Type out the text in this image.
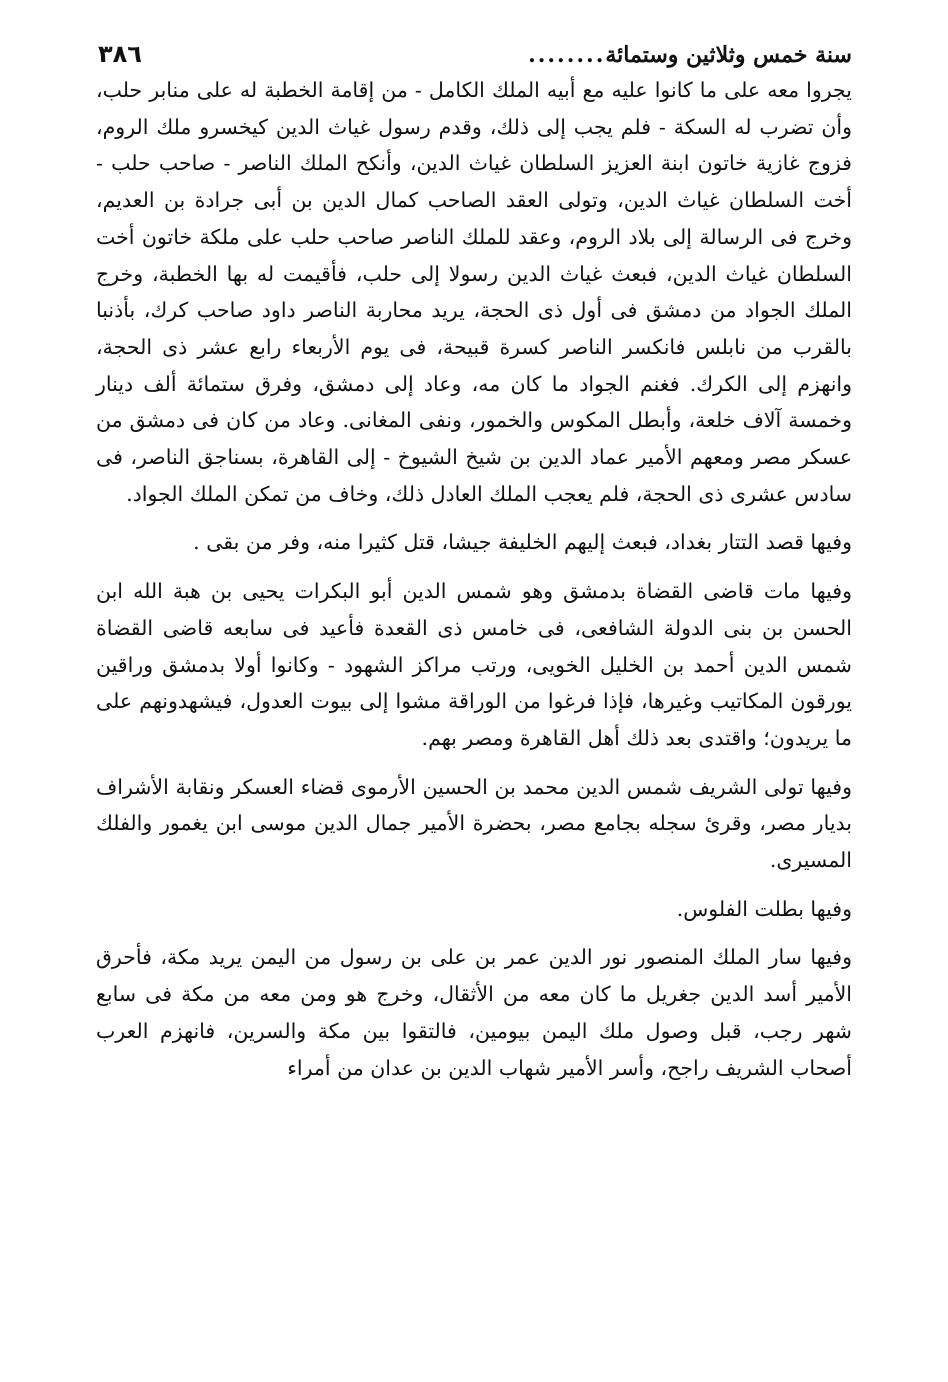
سنة خمس وثلاثين وستمائة
........
٣٨٦

يجروا معه على ما كانوا عليه مع أبيه الملك الكامل - من إقامة الخطبة له على منابر حلب، وأن تضرب له السكة - فلم يجب إلى ذلك، وقدم رسول غياث الدين كيخسرو ملك الروم، فزوج غازية خاتون ابنة العزيز السلطان غياث الدين، وأنكح الملك الناصر - صاحب حلب - أخت السلطان غياث الدين، وتولى العقد الصاحب كمال الدين بن أبى جرادة بن العديم، وخرج فى الرسالة إلى بلاد الروم، وعقد للملك الناصر صاحب حلب على ملكة خاتون أخت السلطان غياث الدين، فبعث غياث الدين رسولا إلى حلب، فأقيمت له بها الخطبة، وخرج الملك الجواد من دمشق فى أول ذى الحجة، يريد محاربة الناصر داود صاحب كرك، بأذنبا بالقرب من نابلس فانكسر الناصر كسرة قبيحة، فى يوم الأربعاء رابع عشر ذى الحجة، وانهزم إلى الكرك. فغنم الجواد ما كان مه، وعاد إلى دمشق، وفرق ستمائة ألف دينار وخمسة آلاف خلعة، وأبطل المكوس والخمور، ونفى المغانى. وعاد من كان فى دمشق من عسكر مصر ومعهم الأمير عماد الدين بن شيخ الشيوخ - إلى القاهرة، بسناجق الناصر، فى سادس عشرى ذى الحجة، فلم يعجب الملك العادل ذلك، وخاف من تمكن الملك الجواد.

وفيها قصد التتار بغداد، فبعث إليهم الخليفة جيشا، قتل كثيرا منه، وفر من بقى .

وفيها مات قاضى القضاة بدمشق وهو شمس الدين أبو البكرات يحيى بن هبة الله ابن الحسن بن بنى الدولة الشافعى، فى خامس ذى القعدة فأعيد فى سابعه قاضى القضاة شمس الدين أحمد بن الخليل الخويى، ورتب مراكز الشهود - وكانوا أولا بدمشق وراقين يورقون المكاتيب وغيرها، فإذا فرغوا من الوراقة مشوا إلى بيوت العدول، فيشهدونهم على ما يريدون؛ واقتدى بعد ذلك أهل القاهرة ومصر بهم.

وفيها تولى الشريف شمس الدين محمد بن الحسين الأرموى قضاء العسكر ونقابة الأشراف بديار مصر، وقرئ سجله بجامع مصر، بحضرة الأمير جمال الدين موسى ابن يغمور والفلك المسيرى.

وفيها بطلت الفلوس.

وفيها سار الملك المنصور نور الدين عمر بن على بن رسول من اليمن يريد مكة، فأحرق الأمير أسد الدين جغريل ما كان معه من الأثقال، وخرج هو ومن معه من مكة فى سابع شهر رجب، قبل وصول ملك اليمن بيومين، فالتقوا بين مكة والسرين، فانهزم العرب أصحاب الشريف راجح، وأسر الأمير شهاب الدين بن عدان من أمراء
